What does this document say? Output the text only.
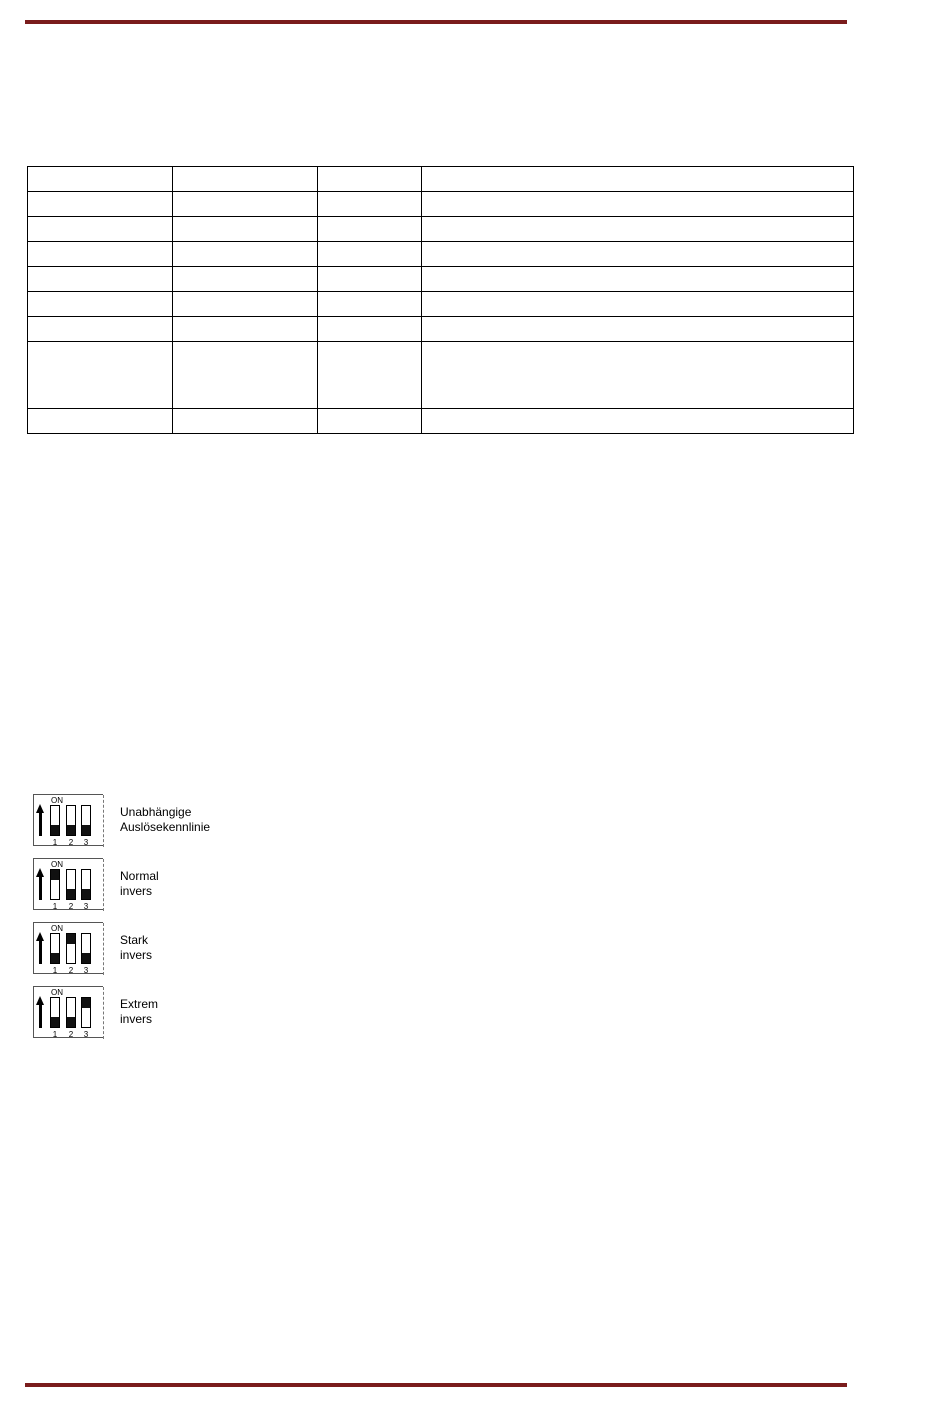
ON
1	2	3
Unabhängige
Auslösekennlinie
ON
1	2	3
Normal
invers
ON
1	2	3
Stark
invers
ON
1	2	3
Extrem
invers
